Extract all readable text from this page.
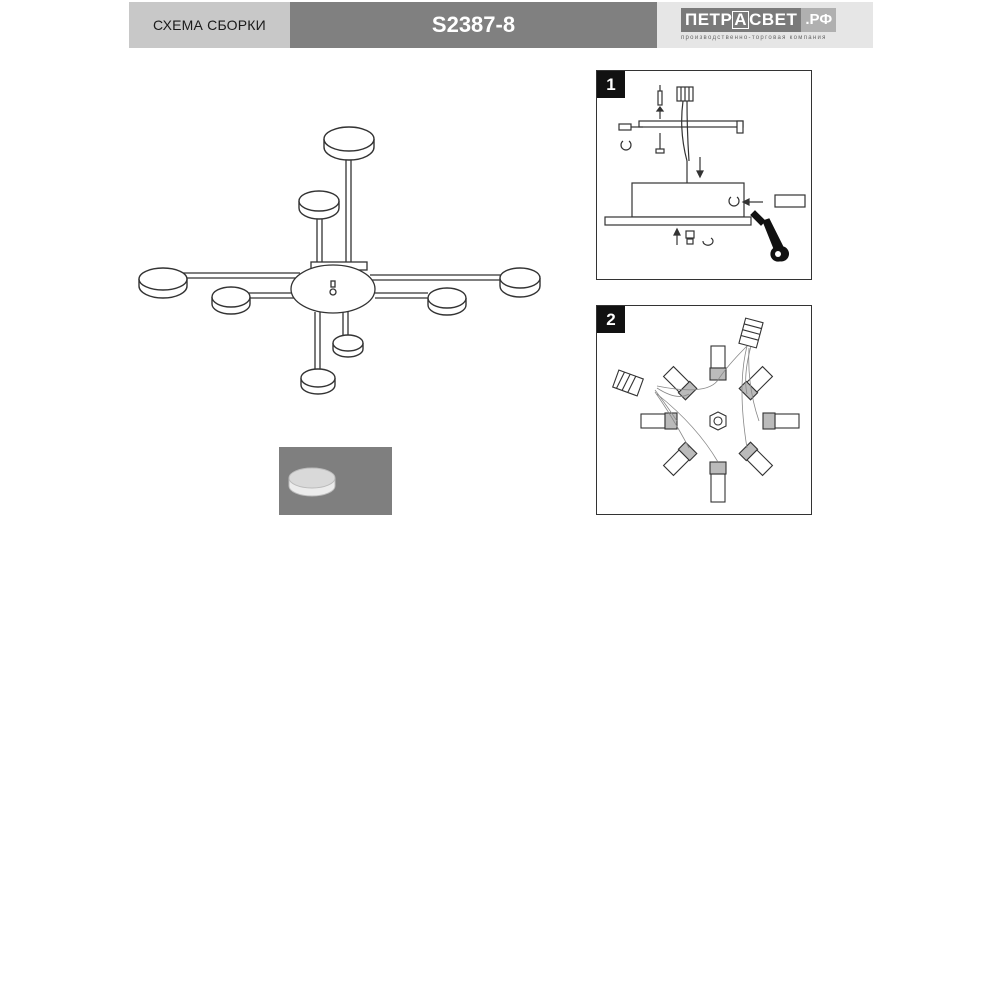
СХЕМА СБОРКИ	S2387-8	ПЕТР А СВЕТ .РФ
производственно-торговая компания
1
2
